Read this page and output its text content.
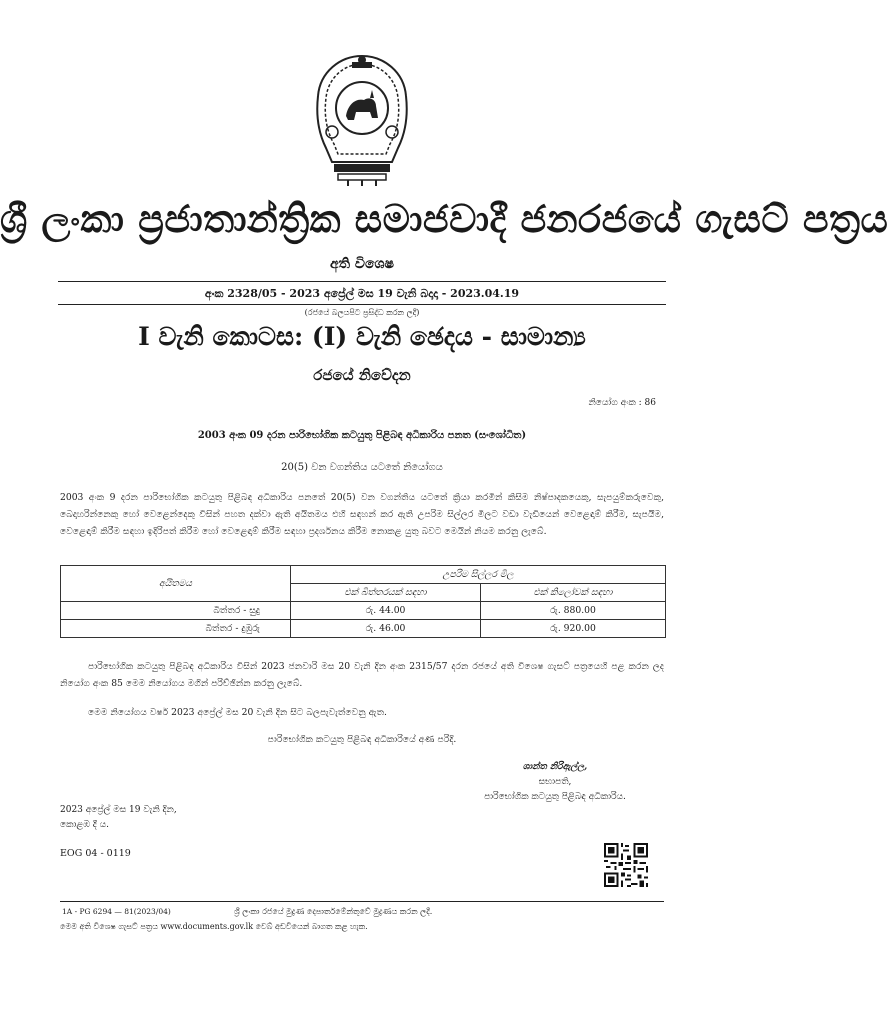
ශ්‍රී ලංකා ප්‍රජාතාන්ත්‍රික සමාජවාදී ජනරජයේ ගැසට් පත්‍රය
අති විශෙෂ
අංක 2328/05 - 2023 අප්‍රේල් මස 19 වැනි බදාදා - 2023.04.19
(රජයේ බලයපිට ප්‍රසිද්ධ කරන ලදී)
I වැනි කොටස: (I) වැනි ඡෙදය - සාමාන්‍ය
රජයේ නිවේදන
නියෝග අංක : 86
2003 අංක 09 දරන පාරිභෝගික කටයුතු පිළිබඳ අධිකාරිය පනත (සංශෝධිත)
20(5) වන වගන්තිය යටතේ නියෝගය
2003 අංක 9 දරන පාරිභෝගික කටයුතු පිළිබඳ අධිකාරිය පනතේ 20(5) වන වගන්තිය යටතේ ක්‍රියා කරමින් කිසිම නිෂ්පාදකයෙකු, සැපයුම්කරුවෙකු, බෙදාහරින්නෙකු හෝ වෙළෙන්දෙකු විසින් පහත දක්වා ඇති අයිතමය එහි සඳහන් කර ඇති උපරිම සිල්ලර මිලට වඩා වැඩියෙන් වෙළෙඳාම් කිරීම, සැපයීම, වෙළෙඳාම් කිරීම සඳහා ඉදිරිපත් කිරීම හෝ වෙළෙඳාම් කිරීම සඳහා ප්‍රදර්ශනය කිරීම නොකළ යුතු බවට මෙයින් නියම කරනු ලැබේ.
අයිතමය	උපරිම සිල්ලර මිල	
	එක් බිත්තරයක් සඳහා	එක් කිලෝවක් සඳහා
බිත්තර - සුදු	රු. 44.00	රු. 880.00
බිත්තර - දුඹුරු	රු. 46.00	රු. 920.00
පාරිභෝගික කටයුතු පිළිබඳ අධිකාරිය විසින් 2023 ජනවාරි මස 20 වැනි දින අංක 2315/57 දරන රජයේ අති විශෙෂ ගැසට් පත්‍රයෙහි පළ කරන ලද නියෝග අංක 85 මෙම නියෝගය මගින් පරිච්ඡින්න කරනු ලැබේ.
මෙම නියෝගය වර්ෂ 2023 අප්‍රේල් මස 20 වැනි දින සිට බලපැවැත්වෙනු ඇත.
පාරිභෝගික කටයුතු පිළිබඳ අධිකාරියේ අණ පරිදි.
ශාන්ත නිරිඇල්ල,
සභාපති,
පාරිභෝගික කටයුතු පිළිබඳ අධිකාරිය.
2023 අප්‍රේල් මස 19 වැනි දින,
කොළඹ දී ය.
EOG 04 - 0119
1A - PG 6294 — 81(2023/04)	ශ්‍රී ලංකා රජයේ මුද්‍රණ දෙපාර්තමේන්තුවේ මුද්‍රණය කරන ලදී.
මෙම අති විශෙෂ ගැසට් පත්‍රය www.documents.gov.lk වෙබ් අඩවියෙන් බාගත කළ හැක.
